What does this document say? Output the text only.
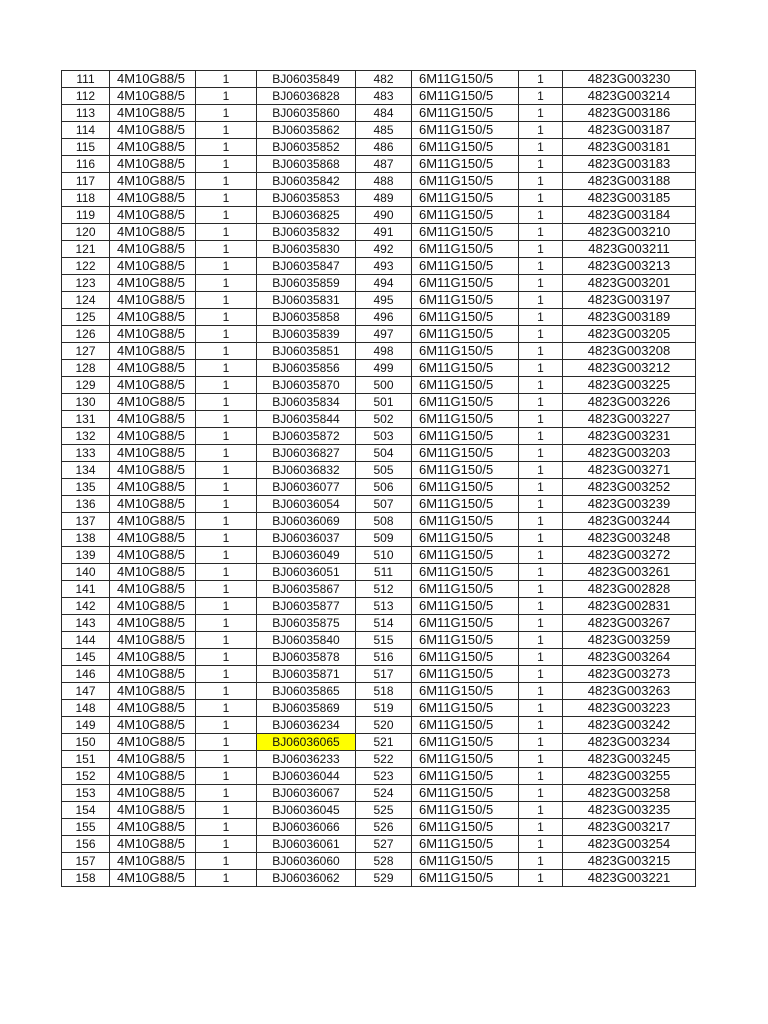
111	4M10G88/5	1	BJ06035849	482	6M11G150/5	1	4823G003230
112	4M10G88/5	1	BJ06036828	483	6M11G150/5	1	4823G003214
113	4M10G88/5	1	BJ06035860	484	6M11G150/5	1	4823G003186
114	4M10G88/5	1	BJ06035862	485	6M11G150/5	1	4823G003187
115	4M10G88/5	1	BJ06035852	486	6M11G150/5	1	4823G003181
116	4M10G88/5	1	BJ06035868	487	6M11G150/5	1	4823G003183
117	4M10G88/5	1	BJ06035842	488	6M11G150/5	1	4823G003188
118	4M10G88/5	1	BJ06035853	489	6M11G150/5	1	4823G003185
119	4M10G88/5	1	BJ06036825	490	6M11G150/5	1	4823G003184
120	4M10G88/5	1	BJ06035832	491	6M11G150/5	1	4823G003210
121	4M10G88/5	1	BJ06035830	492	6M11G150/5	1	4823G003211
122	4M10G88/5	1	BJ06035847	493	6M11G150/5	1	4823G003213
123	4M10G88/5	1	BJ06035859	494	6M11G150/5	1	4823G003201
124	4M10G88/5	1	BJ06035831	495	6M11G150/5	1	4823G003197
125	4M10G88/5	1	BJ06035858	496	6M11G150/5	1	4823G003189
126	4M10G88/5	1	BJ06035839	497	6M11G150/5	1	4823G003205
127	4M10G88/5	1	BJ06035851	498	6M11G150/5	1	4823G003208
128	4M10G88/5	1	BJ06035856	499	6M11G150/5	1	4823G003212
129	4M10G88/5	1	BJ06035870	500	6M11G150/5	1	4823G003225
130	4M10G88/5	1	BJ06035834	501	6M11G150/5	1	4823G003226
131	4M10G88/5	1	BJ06035844	502	6M11G150/5	1	4823G003227
132	4M10G88/5	1	BJ06035872	503	6M11G150/5	1	4823G003231
133	4M10G88/5	1	BJ06036827	504	6M11G150/5	1	4823G003203
134	4M10G88/5	1	BJ06036832	505	6M11G150/5	1	4823G003271
135	4M10G88/5	1	BJ06036077	506	6M11G150/5	1	4823G003252
136	4M10G88/5	1	BJ06036054	507	6M11G150/5	1	4823G003239
137	4M10G88/5	1	BJ06036069	508	6M11G150/5	1	4823G003244
138	4M10G88/5	1	BJ06036037	509	6M11G150/5	1	4823G003248
139	4M10G88/5	1	BJ06036049	510	6M11G150/5	1	4823G003272
140	4M10G88/5	1	BJ06036051	511	6M11G150/5	1	4823G003261
141	4M10G88/5	1	BJ06035867	512	6M11G150/5	1	4823G002828
142	4M10G88/5	1	BJ06035877	513	6M11G150/5	1	4823G002831
143	4M10G88/5	1	BJ06035875	514	6M11G150/5	1	4823G003267
144	4M10G88/5	1	BJ06035840	515	6M11G150/5	1	4823G003259
145	4M10G88/5	1	BJ06035878	516	6M11G150/5	1	4823G003264
146	4M10G88/5	1	BJ06035871	517	6M11G150/5	1	4823G003273
147	4M10G88/5	1	BJ06035865	518	6M11G150/5	1	4823G003263
148	4M10G88/5	1	BJ06035869	519	6M11G150/5	1	4823G003223
149	4M10G88/5	1	BJ06036234	520	6M11G150/5	1	4823G003242
150	4M10G88/5	1	BJ06036065	521	6M11G150/5	1	4823G003234
151	4M10G88/5	1	BJ06036233	522	6M11G150/5	1	4823G003245
152	4M10G88/5	1	BJ06036044	523	6M11G150/5	1	4823G003255
153	4M10G88/5	1	BJ06036067	524	6M11G150/5	1	4823G003258
154	4M10G88/5	1	BJ06036045	525	6M11G150/5	1	4823G003235
155	4M10G88/5	1	BJ06036066	526	6M11G150/5	1	4823G003217
156	4M10G88/5	1	BJ06036061	527	6M11G150/5	1	4823G003254
157	4M10G88/5	1	BJ06036060	528	6M11G150/5	1	4823G003215
158	4M10G88/5	1	BJ06036062	529	6M11G150/5	1	4823G003221
